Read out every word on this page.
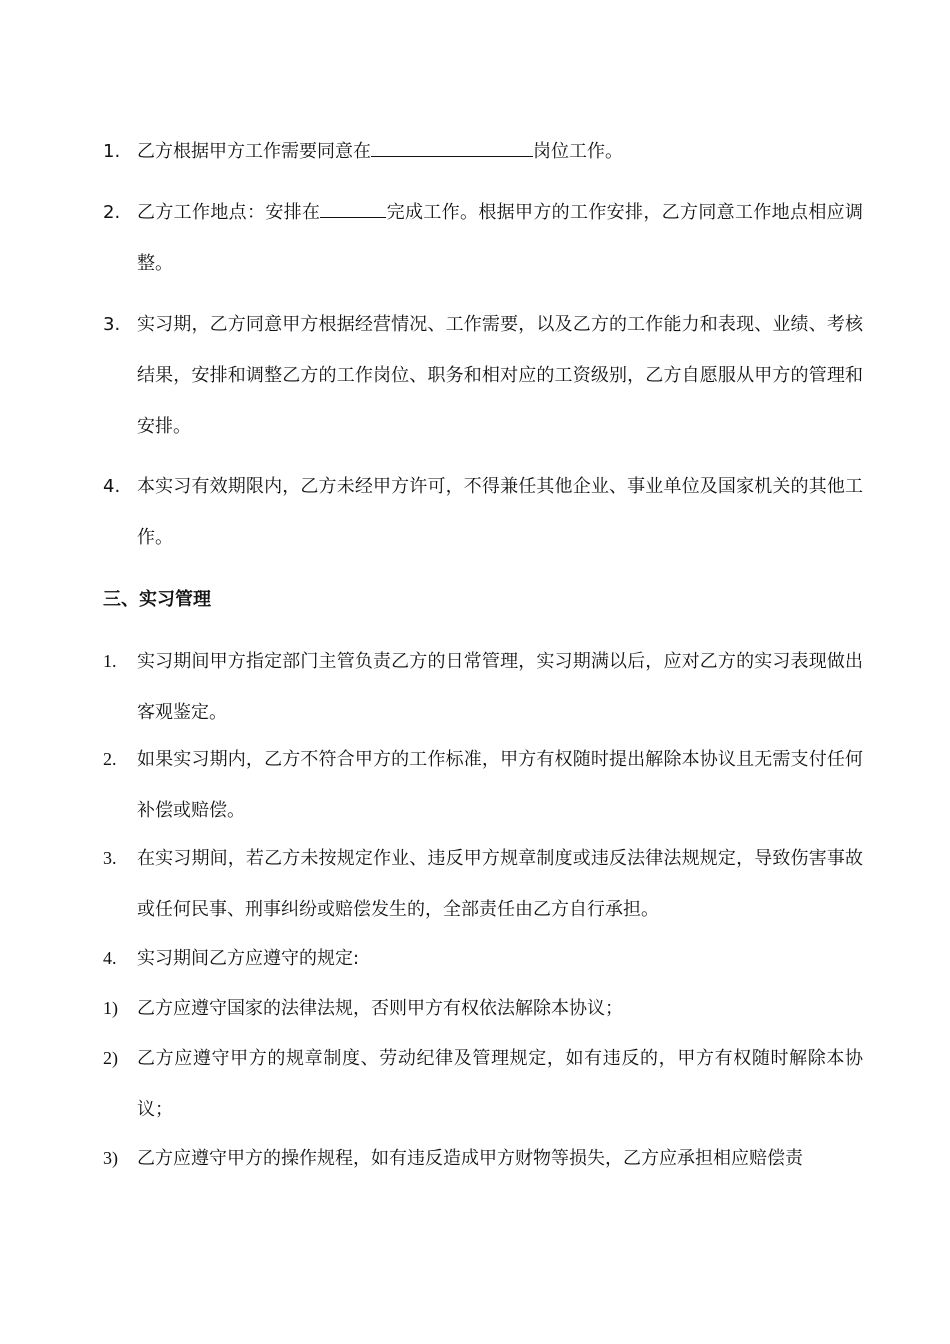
1. 乙方根据甲方工作需要同意在	岗位工作。
2. 乙方工作地点：安排在	完成工作。根据甲方的工作安排，乙方同意工作地点相应调整。
3. 实习期，乙方同意甲方根据经营情况、工作需要，以及乙方的工作能力和表现、业绩、考核结果，安排和调整乙方的工作岗位、职务和相对应的工资级别，乙方自愿服从甲方的管理和安排。
4. 本实习有效期限内，乙方未经甲方许可，不得兼任其他企业、事业单位及国家机关的其他工作。
三、实习管理
1.	实习期间甲方指定部门主管负责乙方的日常管理，实习期满以后，应对乙方的实习表现做出客观鉴定。
2.	如果实习期内，乙方不符合甲方的工作标准，甲方有权随时提出解除本协议且无需支付任何补偿或赔偿。
3.	在实习期间，若乙方未按规定作业、违反甲方规章制度或违反法律法规规定，导致伤害事故或任何民事、刑事纠纷或赔偿发生的，全部责任由乙方自行承担。
4.	实习期间乙方应遵守的规定:
1)	乙方应遵守国家的法律法规，否则甲方有权依法解除本协议；
2)	乙方应遵守甲方的规章制度、劳动纪律及管理规定，如有违反的，甲方有权随时解除本协议；
3)	乙方应遵守甲方的操作规程，如有违反造成甲方财物等损失，乙方应承担相应赔偿责
